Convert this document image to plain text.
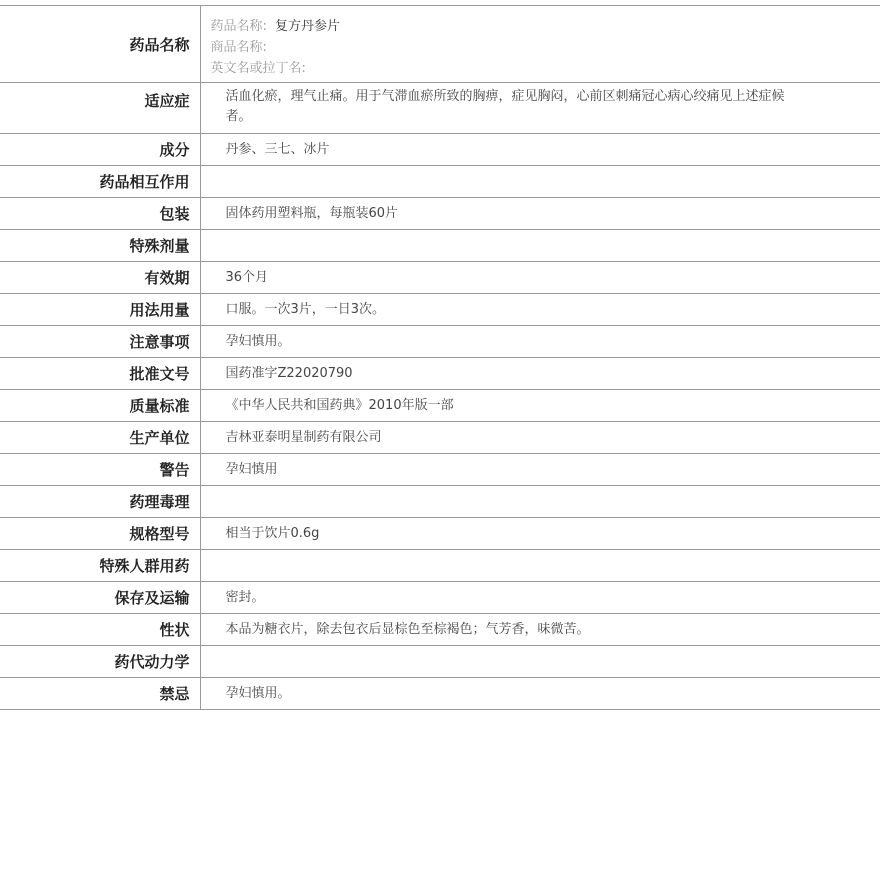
药品名称	药品名称: 复方丹参片
商品名称:
英文名或拉丁名:

适应症	活血化瘀，理气止痛。用于气滞血瘀所致的胸痹，症见胸闷，心前区刺痛冠心病心绞痛见上述症候者。
成分	丹参、三七、冰片
药品相互作用	
包装	固体药用塑料瓶，每瓶装60片
特殊剂量	
有效期	36个月
用法用量	口服。一次3片，一日3次。
注意事项	孕妇慎用。
批准文号	国药准字Z22020790
质量标准	《中华人民共和国药典》2010年版一部
生产单位	吉林亚泰明星制药有限公司
警告	孕妇慎用
药理毒理	
规格型号	相当于饮片0.6g
特殊人群用药	
保存及运输	密封。
性状	本品为糖衣片，除去包衣后显棕色至棕褐色；气芳香，味微苦。
药代动力学	
禁忌	孕妇慎用。
